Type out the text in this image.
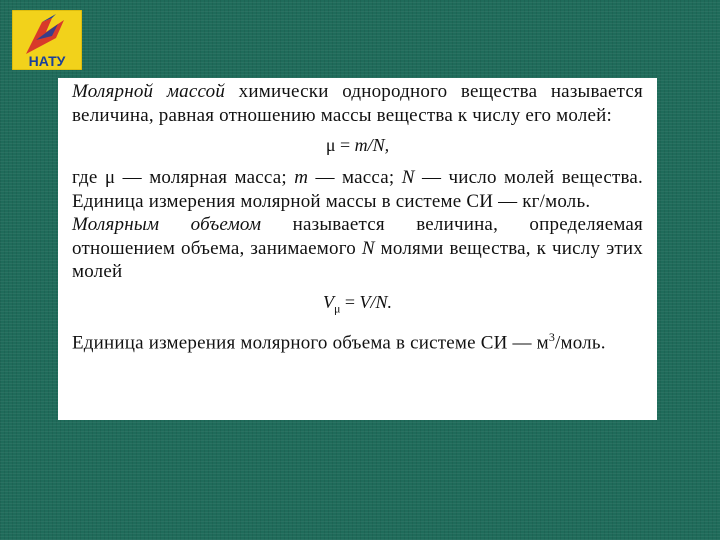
НАТУ

Молярной массой химически однородного вещества называется величина, равная отношению массы вещества к числу его молей:

μ = m/N,

где μ — молярная масса; m — масса; N — число молей вещества. Единица измерения молярной массы в системе СИ — кг/моль.

Молярным объемом называется величина, определяемая отношением объема, занимаемого N молями вещества, к числу этих молей

$V_\mu = V/N$.

Единица измерения молярного объема в системе СИ — $м^3$/моль.
